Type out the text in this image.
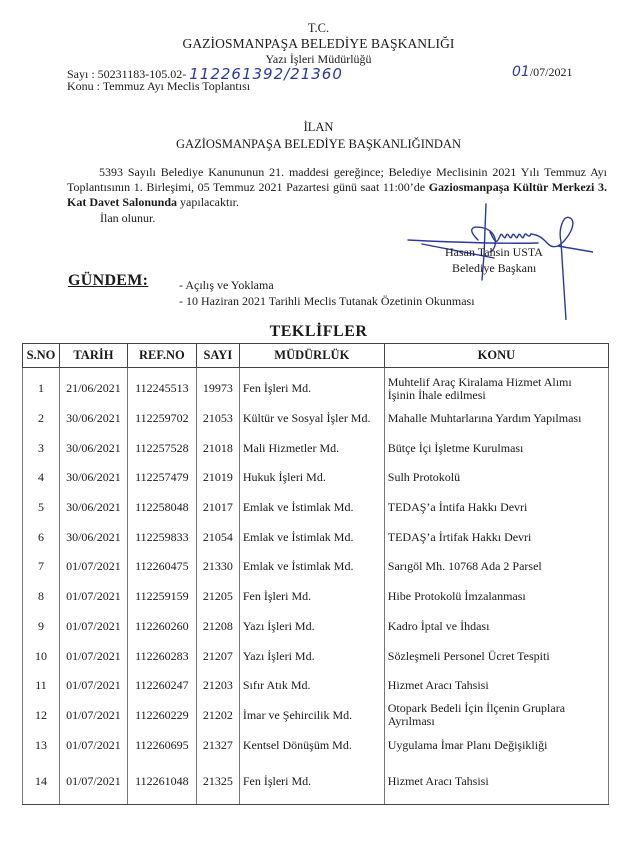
T.C.
GAZİOSMANPAŞA BELEDİYE BAŞKANLIĞI
Yazı İşleri Müdürlüğü
Sayı : 50231183-105.02- 112261392/21360	01/07/2021
Konu : Temmuz Ayı Meclis Toplantısı
İLAN
GAZİOSMANPAŞA BELEDİYE BAŞKANLIĞINDAN
5393 Sayılı Belediye Kanununun 21. maddesi gereğince; Belediye Meclisinin 2021 Yılı Temmuz Ayı Toplantısının 1. Birleşimi, 05 Temmuz 2021 Pazartesi günü saat 11:00’de Gaziosmanpaşa Kültür Merkezi 3. Kat Davet Salonunda yapılacaktır.
İlan olunur.
Hasan Tahsin USTA
Belediye Başkanı
GÜNDEM:	- Açılış ve Yoklama
- 10 Haziran 2021 Tarihli Meclis Tutanak Özetinin Okunması
TEKLİFLER
S.NO	TARİH	REF.NO	SAYI	MÜDÜRLÜK	KONU
1	21/06/2021	112245513	19973	Fen İşleri Md.	Muhtelif Araç Kiralama Hizmet Alımı
İşinin İhale edilmesi

2	30/06/2021	112259702	21053	Kültür ve Sosyal İşler Md.	Mahalle Muhtarlarına Yardım Yapılması

3	30/06/2021	112257528	21018	Mali Hizmetler Md.	Bütçe İçi İşletme Kurulması

4	30/06/2021	112257479	21019	Hukuk İşleri Md.	Sulh Protokolü

5	30/06/2021	112258048	21017	Emlak ve İstimlak Md.	TEDAŞ’a İntifa Hakkı Devri

6	30/06/2021	112259833	21054	Emlak ve İstimlak Md.	TEDAŞ’a İrtifak Hakkı Devri

7	01/07/2021	112260475	21330	Emlak ve İstimlak Md.	Sarıgöl Mh. 10768 Ada 2 Parsel

8	01/07/2021	112259159	21205	Fen İşleri Md.	Hibe Protokolü İmzalanması

9	01/07/2021	112260260	21208	Yazı İşleri Md.	Kadro İptal ve İhdası

10	01/07/2021	112260283	21207	Yazı İşleri Md.	Sözleşmeli Personel Ücret Tespiti

11	01/07/2021	112260247	21203	Sıfır Atık Md.	Hizmet Aracı Tahsisi

12	01/07/2021	112260229	21202	İmar ve Şehircilik Md.	Otopark Bedeli İçin İlçenin Gruplara
Ayrılması

13	01/07/2021	112260695	21327	Kentsel Dönüşüm Md.	Uygulama İmar Planı Değişikliği

14	01/07/2021	112261048	21325	Fen İşleri Md.	Hizmet Aracı Tahsisi
